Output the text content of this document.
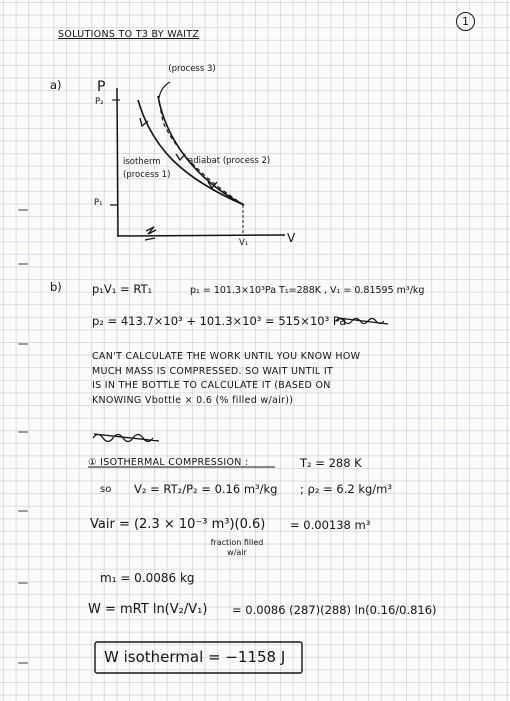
SOLUTIONS TO T3 BY WAITZ
1
a)	P
P₂
P₁
V
V₁
(process 3)
isotherm (process 1)
adiabat (process 2)
b)	p₁V₁ = RT₁	p₁ = 101.3×10³Pa T₁=288K , V₁ = 0.81595 m³/kg
p₂ = 413.7×10³ + 101.3×10³ = 515×10³ Pa
CAN'T CALCULATE THE WORK UNTIL YOU KNOW HOW
MUCH MASS IS COMPRESSED. SO WAIT UNTIL IT
IS IN THE BOTTLE TO CALCULATE IT (BASED ON
KNOWING Vbottle × 0.6 (% filled w/air))
① ISOTHERMAL COMPRESSION :	T₂ = 288 K
so V₂ = RT₂/P₂ = 0.16 m³/kg ; ρ₂ = 6.2 kg/m³
Vair = (2.3 × 10⁻³ m³)(0.6) = 0.00138 m³
fraction filled w/air
m₁ = 0.0086 kg
W = mRT ln(V₂/V₁) = 0.0086 (287)(288) ln(0.16/0.816)
W isothermal = −1158 J
